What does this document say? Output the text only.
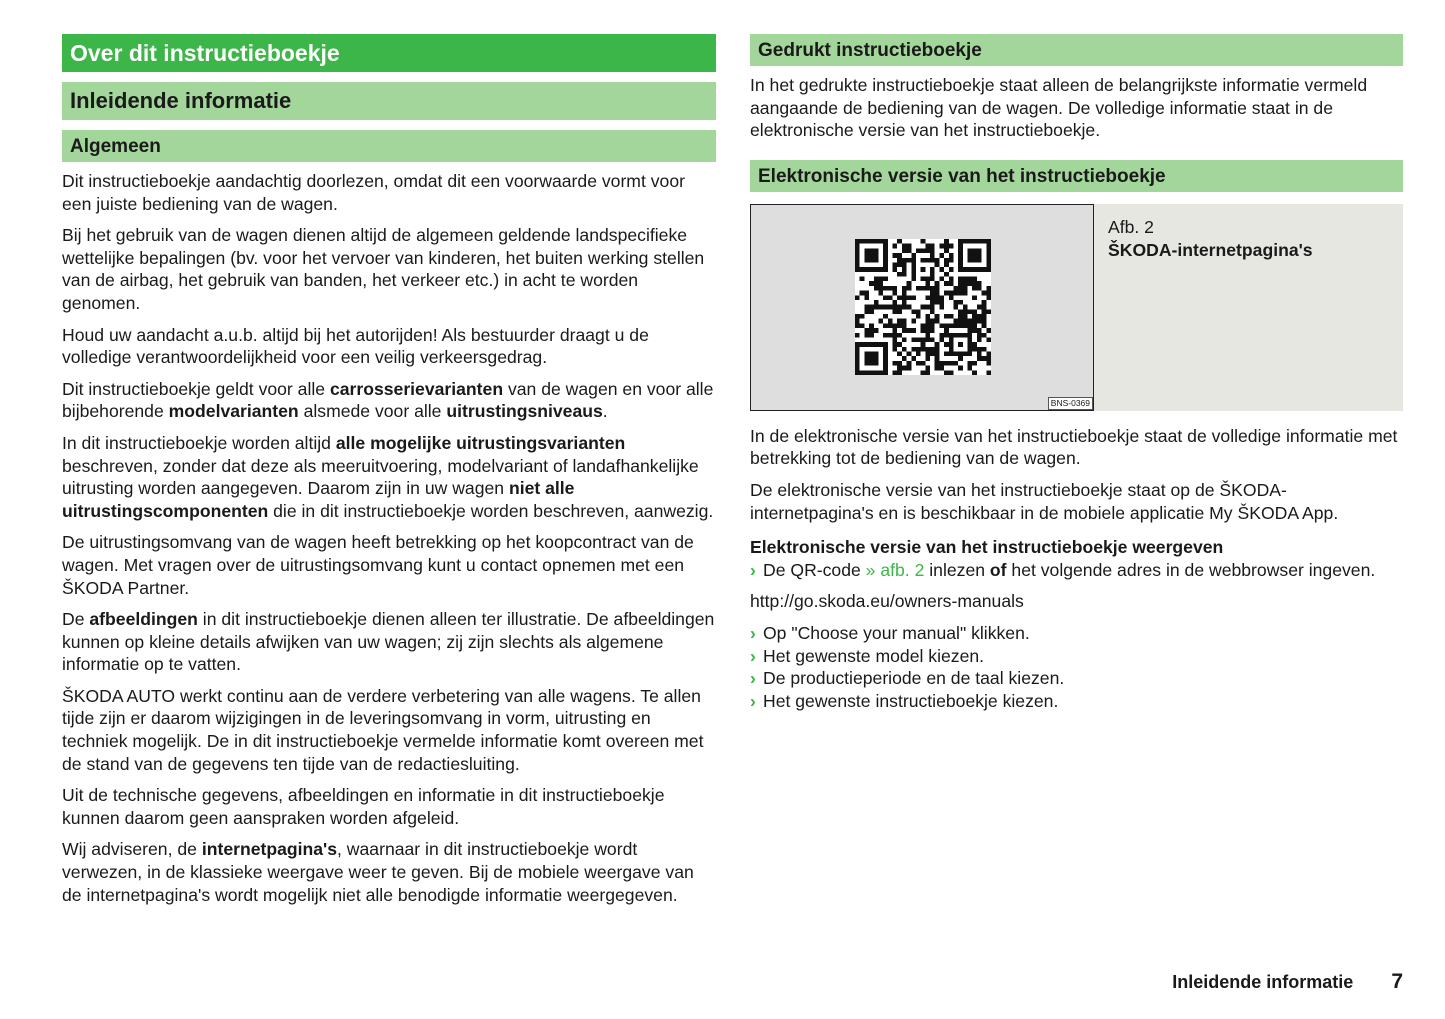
Over dit instructieboekje
Inleidende informatie
Algemeen

Dit instructieboekje aandachtig doorlezen, omdat dit een voorwaarde vormt voor een juiste bediening van de wagen.

Bij het gebruik van de wagen dienen altijd de algemeen geldende landspecifieke wettelijke bepalingen (bv. voor het vervoer van kinderen, het buiten werking stellen van de airbag, het gebruik van banden, het verkeer etc.) in acht te worden genomen.

Houd uw aandacht a.u.b. altijd bij het autorijden! Als bestuurder draagt u de volledige verantwoordelijkheid voor een veilig verkeersgedrag.

Dit instructieboekje geldt voor alle carrosserievarianten van de wagen en voor alle bijbehorende modelvarianten alsmede voor alle uitrustingsniveaus.

In dit instructieboekje worden altijd alle mogelijke uitrustingsvarianten beschreven, zonder dat deze als meeruitvoering, modelvariant of landafhankelijke uitrusting worden aangegeven. Daarom zijn in uw wagen niet alle uitrustingscomponenten die in dit instructieboekje worden beschreven, aanwezig.

De uitrustingsomvang van de wagen heeft betrekking op het koopcontract van de wagen. Met vragen over de uitrustingsomvang kunt u contact opnemen met een ŠKODA Partner.

De afbeeldingen in dit instructieboekje dienen alleen ter illustratie. De afbeeldingen kunnen op kleine details afwijken van uw wagen; zij zijn slechts als algemene informatie op te vatten.

ŠKODA AUTO werkt continu aan de verdere verbetering van alle wagens. Te allen tijde zijn er daarom wijzigingen in de leveringsomvang in vorm, uitrusting en techniek mogelijk. De in dit instructieboekje vermelde informatie komt overeen met de stand van de gegevens ten tijde van de redactiesluiting.

Uit de technische gegevens, afbeeldingen en informatie in dit instructieboekje kunnen daarom geen aanspraken worden afgeleid.

Wij adviseren, de internetpagina's, waarnaar in dit instructieboekje wordt verwezen, in de klassieke weergave weer te geven. Bij de mobiele weergave van de internetpagina's wordt mogelijk niet alle benodigde informatie weergegeven.

Gedrukt instructieboekje

In het gedrukte instructieboekje staat alleen de belangrijkste informatie vermeld aangaande de bediening van de wagen. De volledige informatie staat in de elektronische versie van het instructieboekje.

Elektronische versie van het instructieboekje
BNS-0369
Afb. 2
ŠKODA-internetpagina's

In de elektronische versie van het instructieboekje staat de volledige informatie met betrekking tot de bediening van de wagen.

De elektronische versie van het instructieboekje staat op de ŠKODA-internetpagina's en is beschikbaar in de mobiele applicatie My ŠKODA App.

Elektronische versie van het instructieboekje weergeven
› De QR-code » afb. 2 inlezen of het volgende adres in de webbrowser ingeven.

http://go.skoda.eu/owners-manuals

› Op "Choose your manual" klikken.
› Het gewenste model kiezen.
› De productieperiode en de taal kiezen.
› Het gewenste instructieboekje kiezen.
Inleidende informatie 7
